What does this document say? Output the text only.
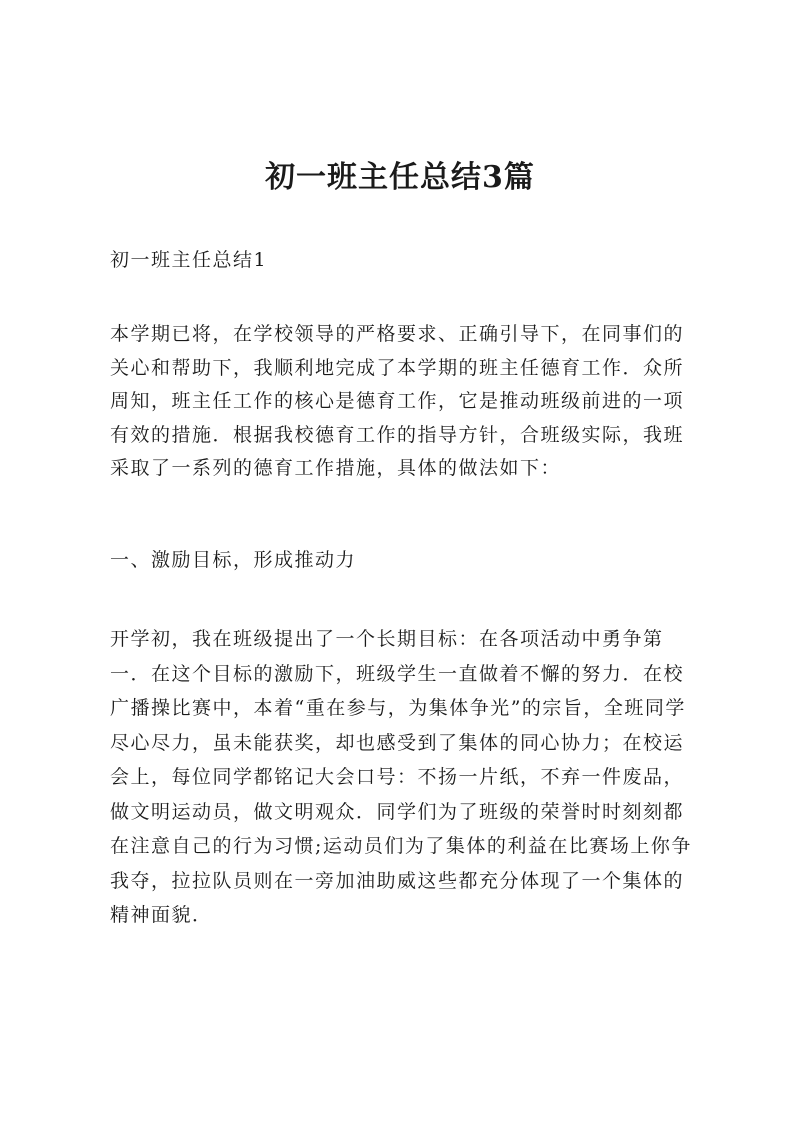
初一班主任总结3篇

初一班主任总结1

本学期已将，在学校领导的严格要求、正确引导下，在同事们的关心和帮助下，我顺利地完成了本学期的班主任德育工作．众所周知，班主任工作的核心是德育工作，它是推动班级前进的一项有效的措施．根据我校德育工作的指导方针，合班级实际，我班采取了一系列的德育工作措施，具体的做法如下：

一、激励目标，形成推动力

开学初，我在班级提出了一个长期目标：在各项活动中勇争第一．在这个目标的激励下，班级学生一直做着不懈的努力．在校广播操比赛中，本着“重在参与，为集体争光”的宗旨，全班同学尽心尽力，虽未能获奖，却也感受到了集体的同心协力；在校运会上，每位同学都铭记大会口号：不扬一片纸，不弃一件废品，做文明运动员，做文明观众．同学们为了班级的荣誉时时刻刻都在注意自己的行为习惯;运动员们为了集体的利益在比赛场上你争我夺，拉拉队员则在一旁加油助威这些都充分体现了一个集体的精神面貌．
